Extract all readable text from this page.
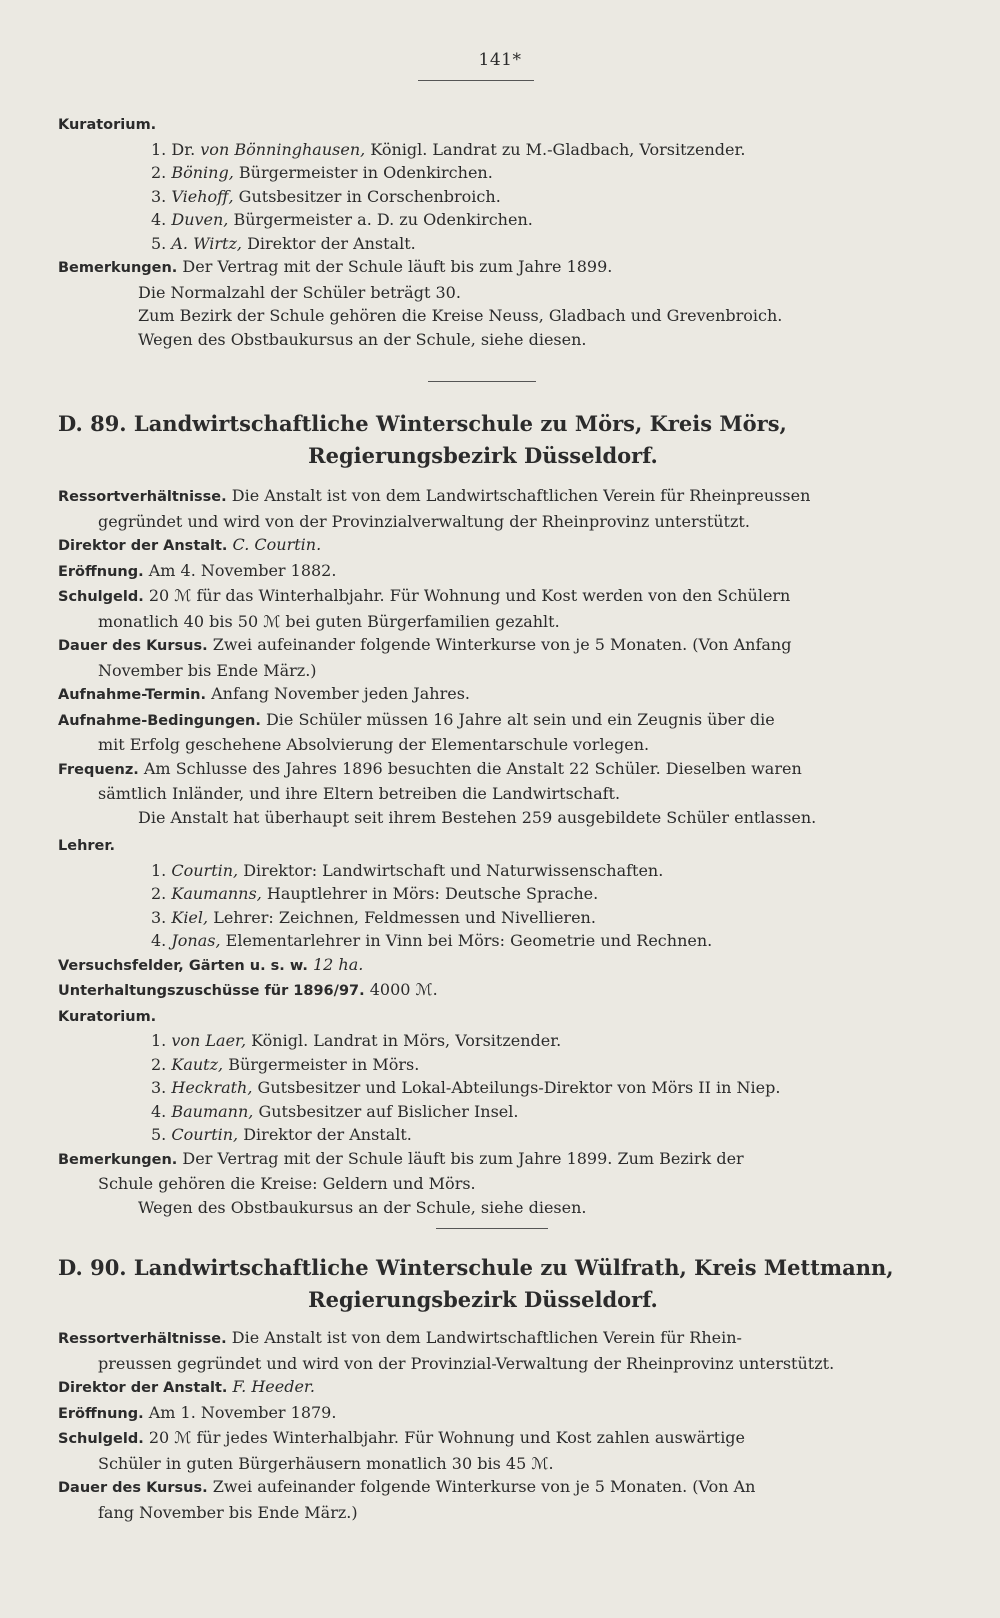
141*

Kuratorium.

1. Dr. von Bönninghausen, Königl. Landrat zu M.-Gladbach, Vorsitzender.

2. Böning, Bürgermeister in Odenkirchen.

3. Viehoff, Gutsbesitzer in Corschenbroich.

4. Duven, Bürgermeister a. D. zu Odenkirchen.

5. A. Wirtz, Direktor der Anstalt.

Bemerkungen. Der Vertrag mit der Schule läuft bis zum Jahre 1899.

Die Normalzahl der Schüler beträgt 30.

Zum Bezirk der Schule gehören die Kreise Neuss, Gladbach und Grevenbroich.

Wegen des Obstbaukursus an der Schule, siehe diesen.

D. 89. Landwirtschaftliche Winterschule zu Mörs, Kreis Mörs,
Regierungsbezirk Düsseldorf.

Ressortverhältnisse. Die Anstalt ist von dem Landwirtschaftlichen Verein für Rheinpreussen

gegründet und wird von der Provinzialverwaltung der Rheinprovinz unterstützt.

Direktor der Anstalt. C. Courtin.

Eröffnung. Am 4. November 1882.

Schulgeld. 20 ℳ für das Winterhalbjahr. Für Wohnung und Kost werden von den Schülern

monatlich 40 bis 50 ℳ bei guten Bürgerfamilien gezahlt.

Dauer des Kursus. Zwei aufeinander folgende Winterkurse von je 5 Monaten. (Von Anfang

November bis Ende März.)

Aufnahme-Termin. Anfang November jeden Jahres.

Aufnahme-Bedingungen. Die Schüler müssen 16 Jahre alt sein und ein Zeugnis über die

mit Erfolg geschehene Absolvierung der Elementarschule vorlegen.

Frequenz. Am Schlusse des Jahres 1896 besuchten die Anstalt 22 Schüler. Dieselben waren

sämtlich Inländer, und ihre Eltern betreiben die Landwirtschaft.

Die Anstalt hat überhaupt seit ihrem Bestehen 259 ausgebildete Schüler entlassen.

Lehrer.

1. Courtin, Direktor: Landwirtschaft und Naturwissenschaften.

2. Kaumanns, Hauptlehrer in Mörs: Deutsche Sprache.

3. Kiel, Lehrer: Zeichnen, Feldmessen und Nivellieren.

4. Jonas, Elementarlehrer in Vinn bei Mörs: Geometrie und Rechnen.

Versuchsfelder, Gärten u. s. w. 12 ha.

Unterhaltungszuschüsse für 1896/97. 4000 ℳ.

Kuratorium.

1. von Laer, Königl. Landrat in Mörs, Vorsitzender.

2. Kautz, Bürgermeister in Mörs.

3. Heckrath, Gutsbesitzer und Lokal-Abteilungs-Direktor von Mörs II in Niep.

4. Baumann, Gutsbesitzer auf Bislicher Insel.

5. Courtin, Direktor der Anstalt.

Bemerkungen. Der Vertrag mit der Schule läuft bis zum Jahre 1899. Zum Bezirk der

Schule gehören die Kreise: Geldern und Mörs.

Wegen des Obstbaukursus an der Schule, siehe diesen.

D. 90. Landwirtschaftliche Winterschule zu Wülfrath, Kreis Mettmann,
Regierungsbezirk Düsseldorf.

Ressortverhältnisse. Die Anstalt ist von dem Landwirtschaftlichen Verein für Rhein-

preussen gegründet und wird von der Provinzial-Verwaltung der Rheinprovinz unterstützt.

Direktor der Anstalt. F. Heeder.

Eröffnung. Am 1. November 1879.

Schulgeld. 20 ℳ für jedes Winterhalbjahr. Für Wohnung und Kost zahlen auswärtige

Schüler in guten Bürgerhäusern monatlich 30 bis 45 ℳ.

Dauer des Kursus. Zwei aufeinander folgende Winterkurse von je 5 Monaten. (Von An

fang November bis Ende März.)
